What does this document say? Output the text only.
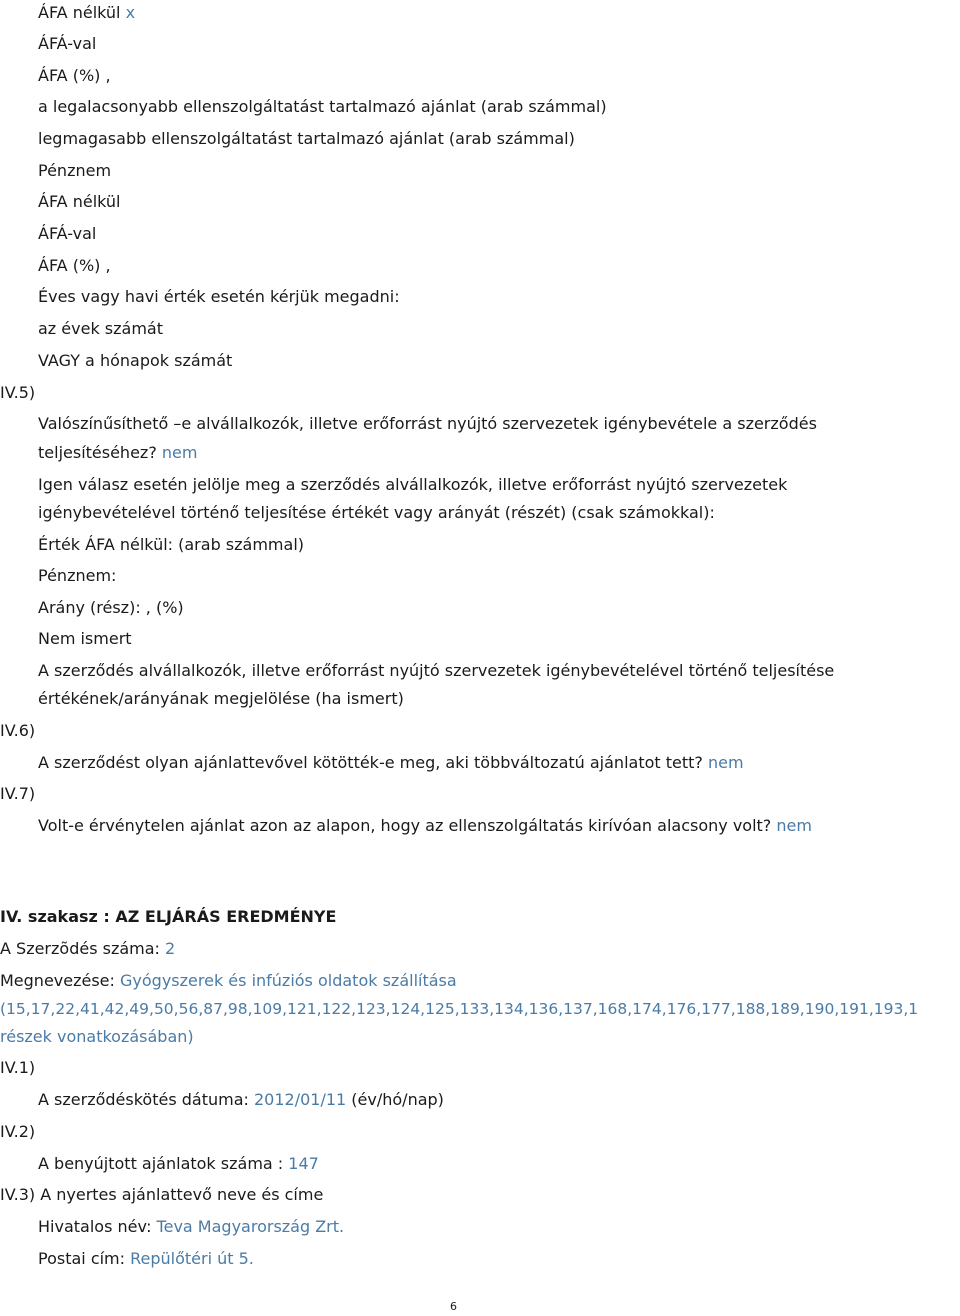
ÁFA nélkül x
ÁFÁ-val
ÁFA (%) ,
a legalacsonyabb ellenszolgáltatást tartalmazó ajánlat (arab számmal)
legmagasabb ellenszolgáltatást tartalmazó ajánlat (arab számmal)
Pénznem
ÁFA nélkül
ÁFÁ-val
ÁFA (%) ,
Éves vagy havi érték esetén kérjük megadni:
az évek számát
VAGY a hónapok számát
IV.5)
Valószínűsíthető –e alvállalkozók, illetve erőforrást nyújtó szervezetek igénybevétele a szerződés
teljesítéséhez? nem
Igen válasz esetén jelölje meg a szerződés alvállalkozók, illetve erőforrást nyújtó szervezetek
igénybevételével történő teljesítése értékét vagy arányát (részét) (csak számokkal):
Érték ÁFA nélkül: (arab számmal)
Pénznem:
Arány (rész): , (%)
Nem ismert
A szerződés alvállalkozók, illetve erőforrást nyújtó szervezetek igénybevételével történő teljesítése
értékének/arányának megjelölése (ha ismert)
IV.6)
A szerződést olyan ajánlattevővel kötötték-e meg, aki többváltozatú ajánlatot tett? nem
IV.7)
Volt-e érvénytelen ajánlat azon az alapon, hogy az ellenszolgáltatás kirívóan alacsony volt? nem
IV. szakasz : AZ ELJÁRÁS EREDMÉNYE
A Szerzõdés száma: 2
Megnevezése: Gyógyszerek és infúziós oldatok szállítása
(15,17,22,41,42,49,50,56,87,98,109,121,122,123,124,125,133,134,136,137,168,174,176,177,188,189,190,191,193,1
részek vonatkozásában)
IV.1)
A szerződéskötés dátuma: 2012/01/11 (év/hó/nap)
IV.2)
A benyújtott ajánlatok száma : 147
IV.3) A nyertes ajánlattevő neve és címe
Hivatalos név: Teva Magyarország Zrt.
Postai cím: Repülőtéri út 5.
6
